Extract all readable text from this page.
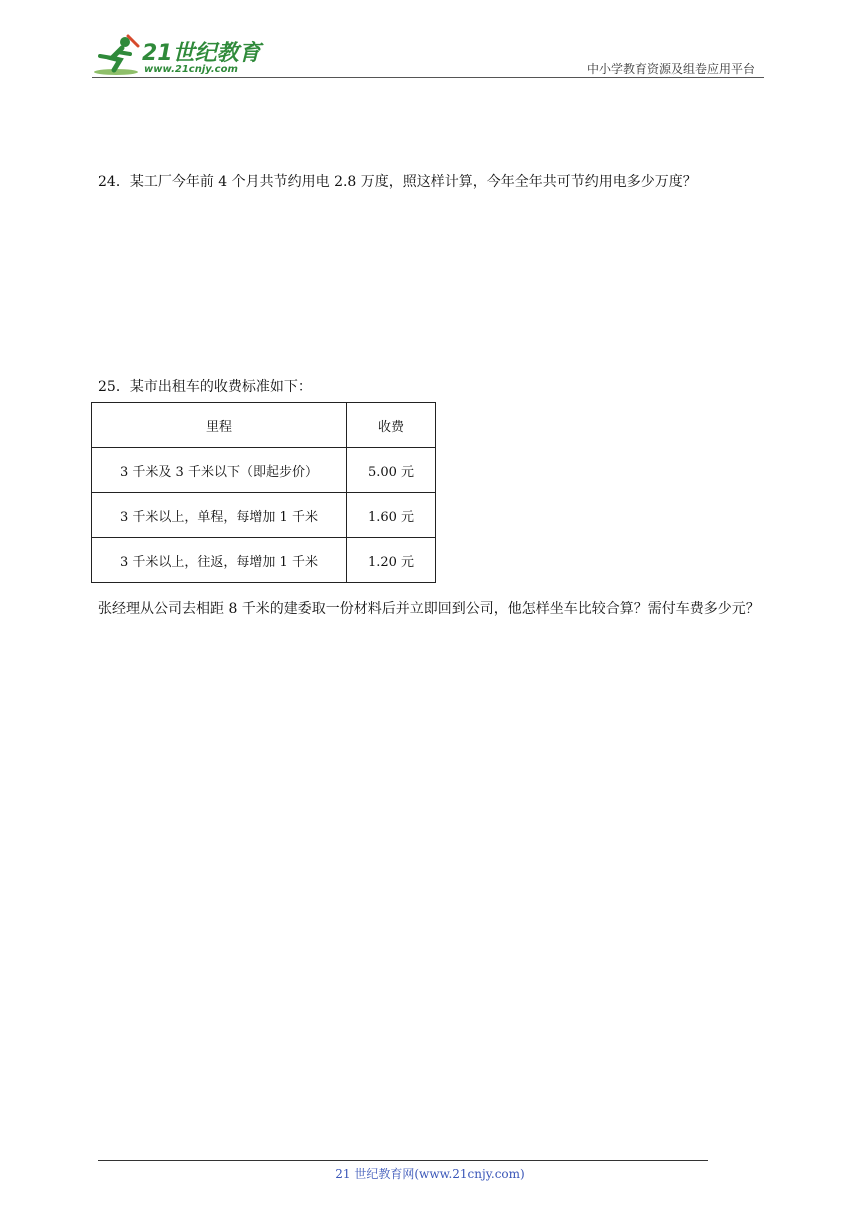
21世纪教育
www.21cnjy.com	中小学教育资源及组卷应用平台
24．某工厂今年前 4 个月共节约用电 2.8 万度，照这样计算，今年全年共可节约用电多少万度？
25．某市出租车的收费标准如下：
里程	收费
3 千米及 3 千米以下（即起步价）	5.00 元
3 千米以上，单程，每增加 1 千米	1.60 元
3 千米以上，往返，每增加 1 千米	1.20 元
张经理从公司去相距 8 千米的建委取一份材料后并立即回到公司，他怎样坐车比较合算？需付车费多少元？
21 世纪教育网(www.21cnjy.com)
